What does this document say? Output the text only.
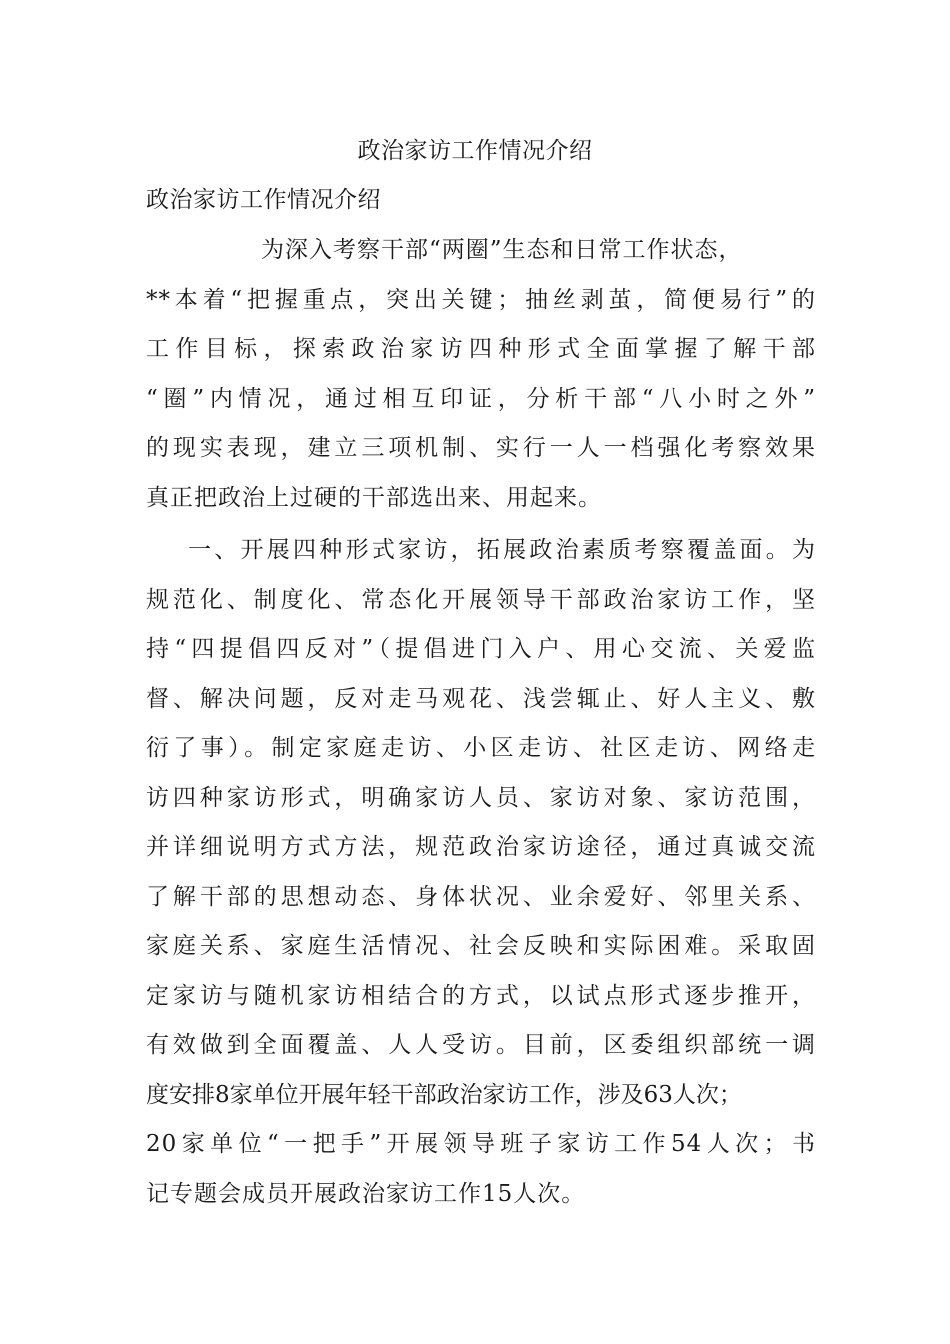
政治家访工作情况介绍
政治家访工作情况介绍
为深入考察干部“两圈”生态和日常工作状态，
**本着“把握重点，突出关键；抽丝剥茧，简便易行”的
工作目标，探索政治家访四种形式全面掌握了解干部
“圈”内情况，通过相互印证，分析干部“八小时之外”
的现实表现，建立三项机制、实行一人一档强化考察效果
真正把政治上过硬的干部选出来、用起来。
一、开展四种形式家访，拓展政治素质考察覆盖面。为
规范化、制度化、常态化开展领导干部政治家访工作，坚
持“四提倡四反对”（提倡进门入户、用心交流、关爱监
督、解决问题，反对走马观花、浅尝辄止、好人主义、敷
衍了事）。制定家庭走访、小区走访、社区走访、网络走
访四种家访形式，明确家访人员、家访对象、家访范围，
并详细说明方式方法，规范政治家访途径，通过真诚交流
了解干部的思想动态、身体状况、业余爱好、邻里关系、
家庭关系、家庭生活情况、社会反映和实际困难。采取固
定家访与随机家访相结合的方式，以试点形式逐步推开，
有效做到全面覆盖、人人受访。目前，区委组织部统一调
度安排8家单位开展年轻干部政治家访工作，涉及63人次；
20家单位“一把手”开展领导班子家访工作54人次；书
记专题会成员开展政治家访工作15人次。
